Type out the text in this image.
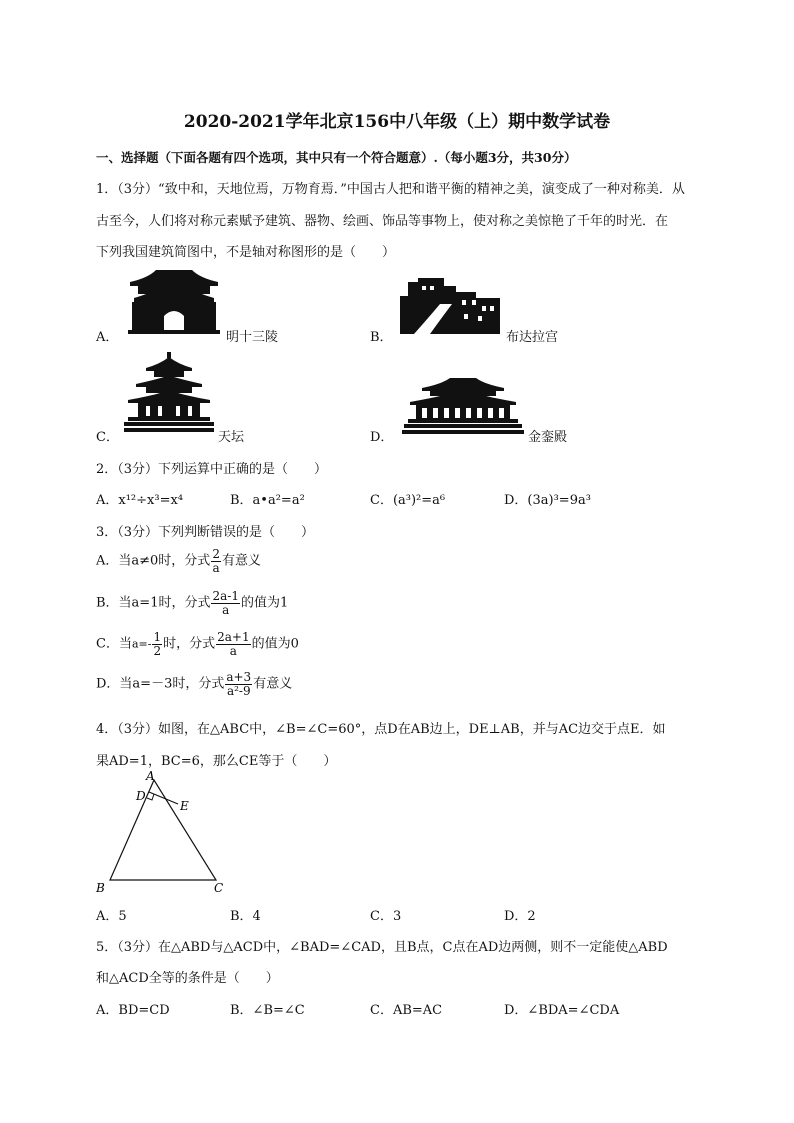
2020-2021学年北京156中八年级（上）期中数学试卷
一、选择题（下面各题有四个选项，其中只有一个符合题意）.（每小题3分，共30分）
1．（3分）“致中和，天地位焉，万物育焉．”中国古人把和谐平衡的精神之美，演变成了一种对称美．从
古至今，人们将对称元素赋予建筑、器物、绘画、饰品等事物上，使对称之美惊艳了千年的时光．在
下列我国建筑简图中，不是轴对称图形的是（　　）
A．	明十三陵	B．	布达拉宫
C．	天坛	D．	金銮殿
2．（3分）下列运算中正确的是（　　）
A．x¹²÷x³=x⁴	B．a•a²=a²	C．(a³)²=a⁶	D．(3a)³=9a³
3．（3分）下列判断错误的是（　　）
A．当a≠0时，分式 $\frac{2}{a}$ 有意义
B．当a=1时，分式 $\frac{2a-1}{a}$ 的值为1
C．当$a=- \frac{1}{2}$ 时，分式 $\frac{2a+1}{a}$ 的值为0
D．当a=－3时，分式 $\frac{a+3}{\text{a²-9}}$ 有意义
4．（3分）如图，在△ABC中，∠B=∠C=60°，点D在AB边上，DE⊥AB，并与AC边交于点E．如
果AD=1，BC=6，那么CE等于（　　）
A
D
E
B	C
A．5	B．4	C．3	D．2
5．（3分）在△ABD与△ACD中，∠BAD=∠CAD，且B点，C点在AD边两侧，则不一定能使△ABD
和△ACD全等的条件是（　　）
A．BD=CD	B．∠B=∠C	C．AB=AC	D．∠BDA=∠CDA
